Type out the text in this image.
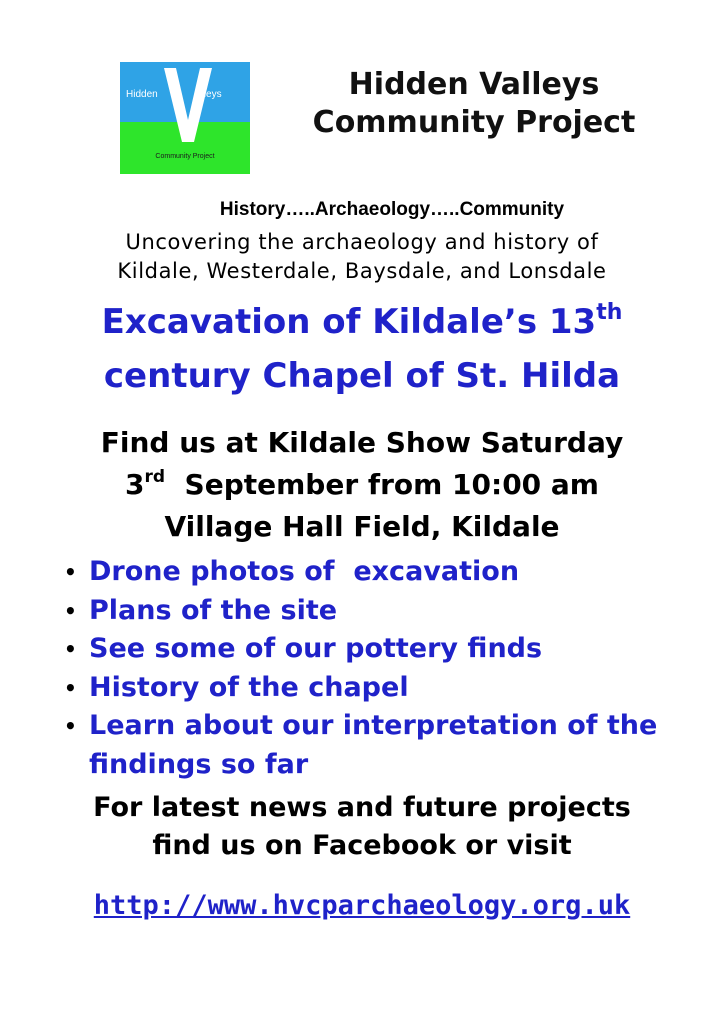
Hidden	alleys
Community Project
Hidden Valleys
Community Project
History…..Archaeology…..Community
Uncovering the archaeology and history of
Kildale, Westerdale, Baysdale, and Lonsdale
Excavation of Kildale’s 13th
century Chapel of St. Hilda
Find us at Kildale Show Saturday
3rd  September from 10:00 am
Village Hall Field, Kildale
• Drone photos of  excavation
• Plans of the site
• See some of our pottery finds
• History of the chapel
• Learn about our interpretation of the findings so far
For latest news and future projects
find us on Facebook or visit
http://www.hvcparchaeology.org.uk
